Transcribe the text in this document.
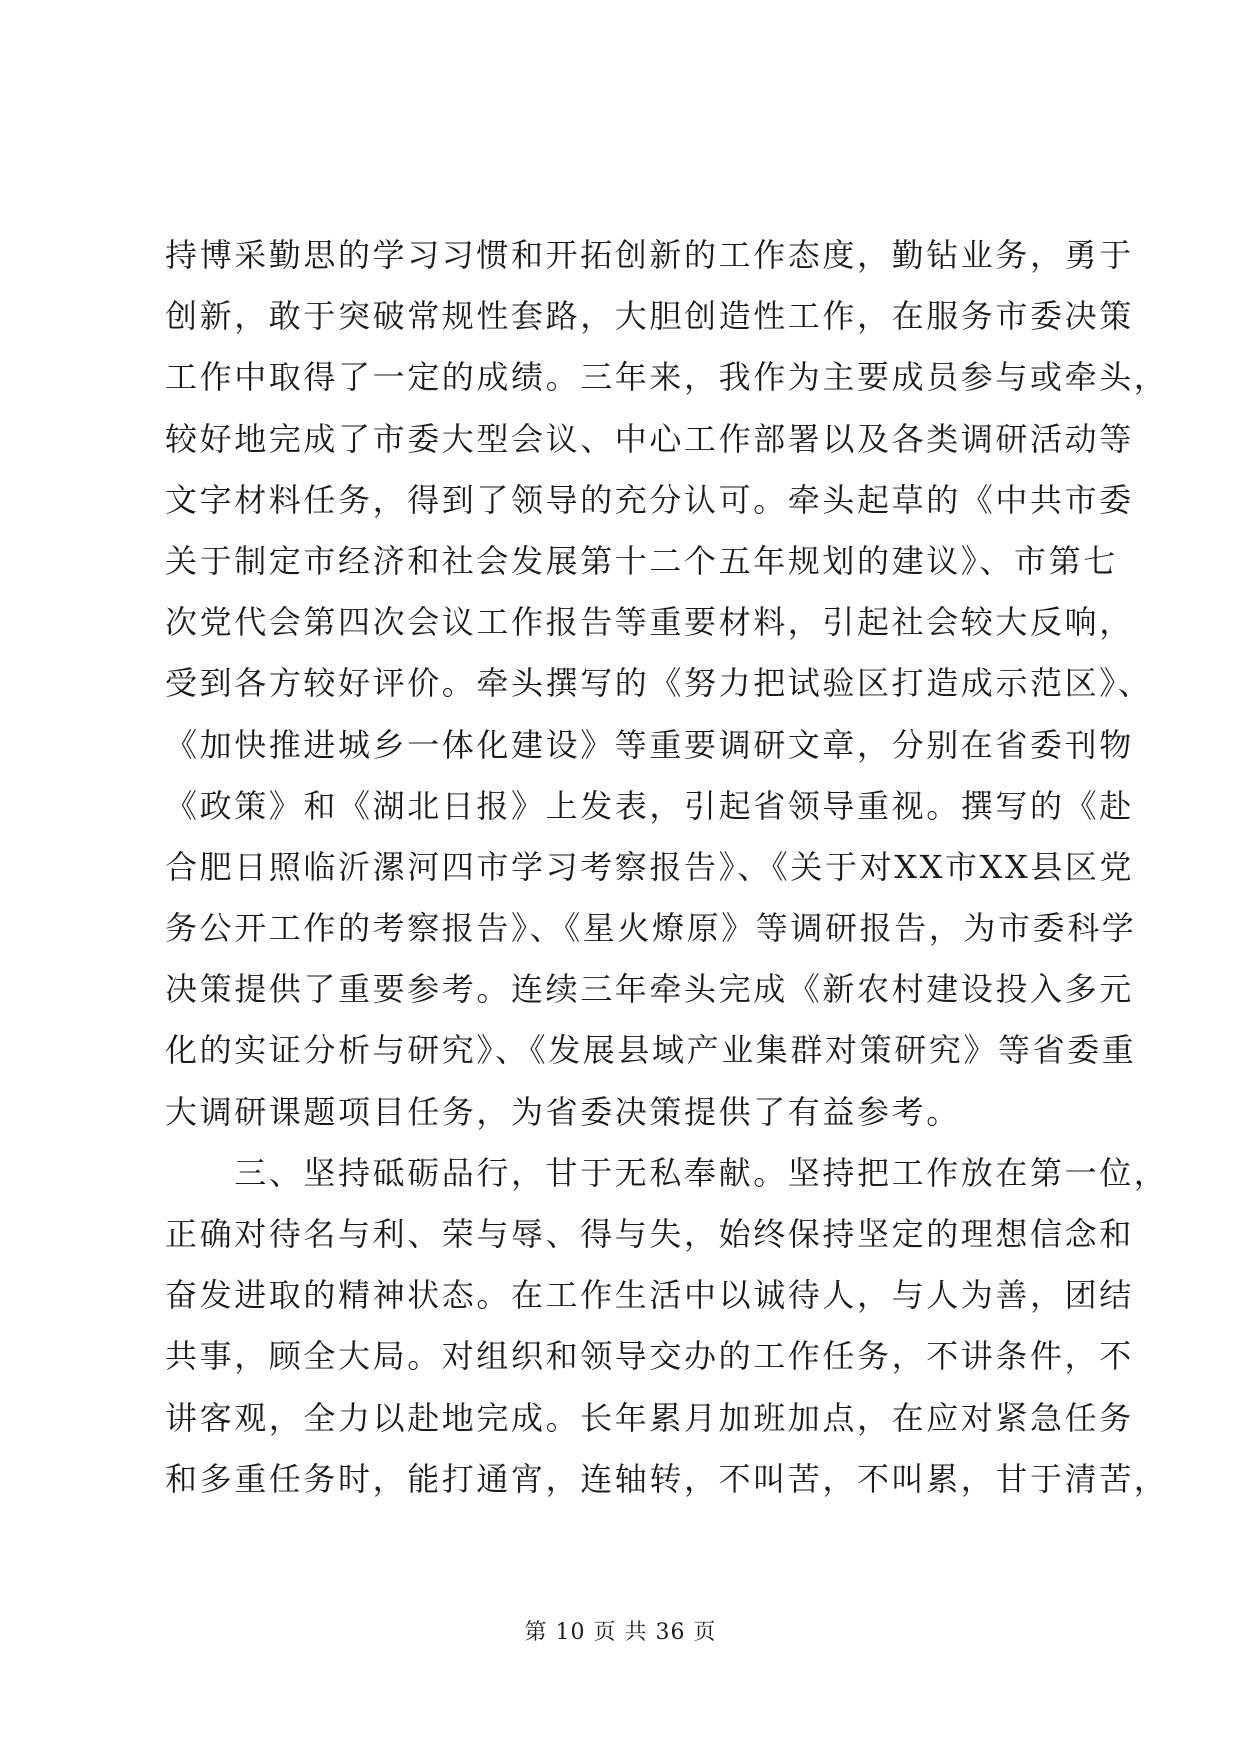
持博采勤思的学习习惯和开拓创新的工作态度，勤钻业务，勇于
创新，敢于突破常规性套路，大胆创造性工作，在服务市委决策
工作中取得了一定的成绩。三年来，我作为主要成员参与或牵头，
较好地完成了市委大型会议、中心工作部署以及各类调研活动等
文字材料任务，得到了领导的充分认可。牵头起草的《中共市委
关于制定市经济和社会发展第十二个五年规划的建议》、市第七
次党代会第四次会议工作报告等重要材料，引起社会较大反响，
受到各方较好评价。牵头撰写的《努力把试验区打造成示范区》、
《加快推进城乡一体化建设》等重要调研文章，分别在省委刊物
《政策》和《湖北日报》上发表，引起省领导重视。撰写的《赴
合肥日照临沂漯河四市学习考察报告》、《关于对XX市XX县区党
务公开工作的考察报告》、《星火燎原》等调研报告，为市委科学
决策提供了重要参考。连续三年牵头完成《新农村建设投入多元
化的实证分析与研究》、《发展县域产业集群对策研究》等省委重
大调研课题项目任务，为省委决策提供了有益参考。
　　三、坚持砥砺品行，甘于无私奉献。坚持把工作放在第一位，
正确对待名与利、荣与辱、得与失，始终保持坚定的理想信念和
奋发进取的精神状态。在工作生活中以诚待人，与人为善，团结
共事，顾全大局。对组织和领导交办的工作任务，不讲条件，不
讲客观，全力以赴地完成。长年累月加班加点，在应对紧急任务
和多重任务时，能打通宵，连轴转，不叫苦，不叫累，甘于清苦，
第 10 页 共 36 页
